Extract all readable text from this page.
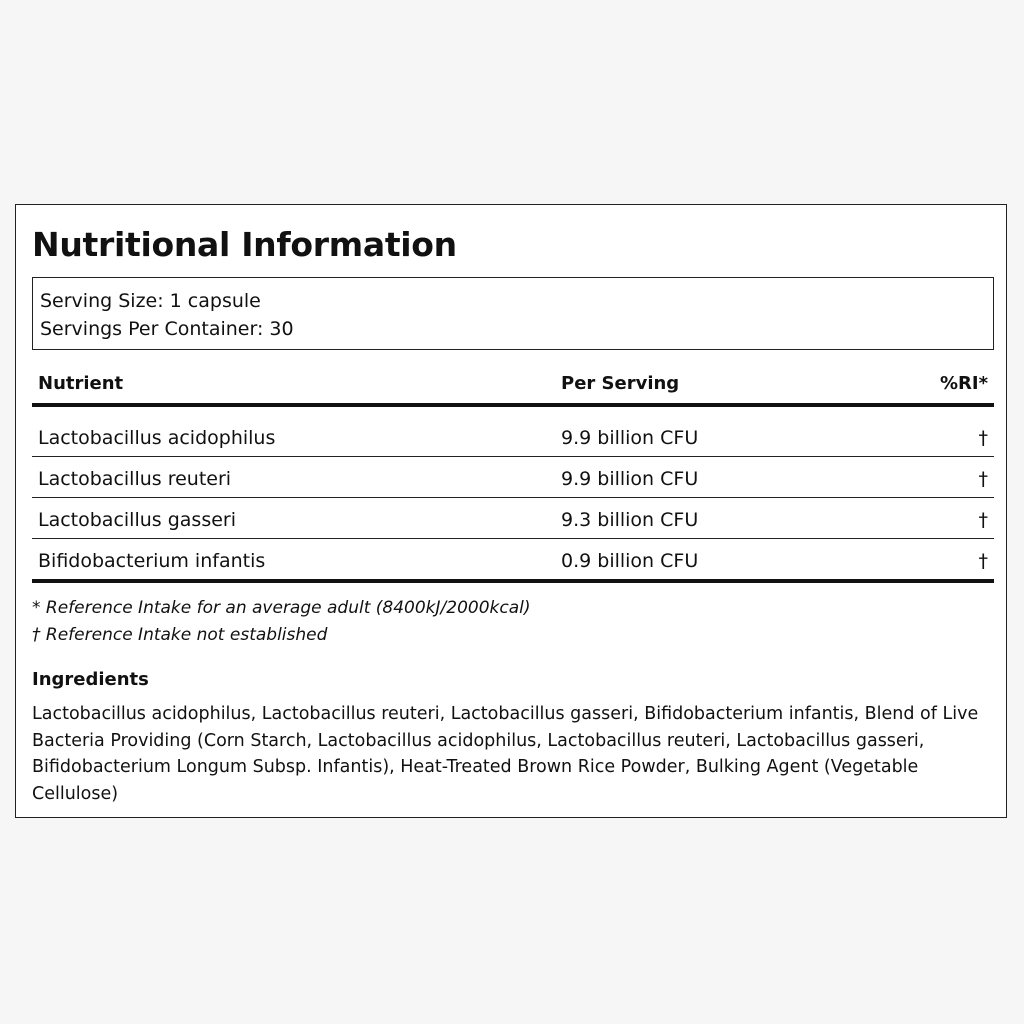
Nutritional Information
Serving Size: 1 capsule
Servings Per Container: 30
Nutrient	Per Serving	%RI*
Lactobacillus acidophilus	9.9 billion CFU	†
Lactobacillus reuteri	9.9 billion CFU	†
Lactobacillus gasseri	9.3 billion CFU	†
Bifidobacterium infantis	0.9 billion CFU	†
* Reference Intake for an average adult (8400kJ/2000kcal)
† Reference Intake not established
Ingredients

Lactobacillus acidophilus, Lactobacillus reuteri, Lactobacillus gasseri, Bifidobacterium infantis, Blend of Live Bacteria Providing (Corn Starch, Lactobacillus acidophilus, Lactobacillus reuteri, Lactobacillus gasseri, Bifidobacterium Longum Subsp. Infantis), Heat-Treated Brown Rice Powder, Bulking Agent (Vegetable Cellulose)
